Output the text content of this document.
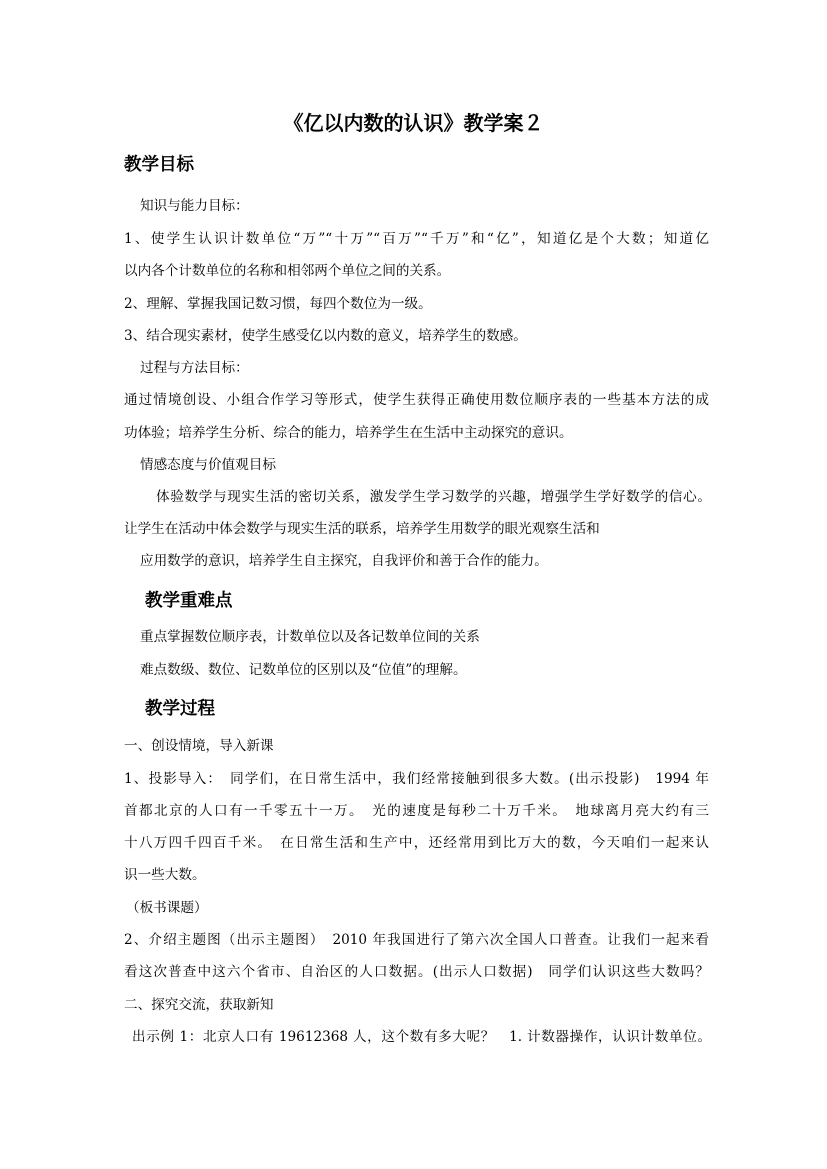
《亿以内数的认识》教学案２
教学目标
知识与能力目标：
1、使学生认识计数单位“万”“十万”“百万”“千万”和“亿”，知道亿是个大数；知道亿
以内各个计数单位的名称和相邻两个单位之间的关系。
2、理解、掌握我国记数习惯，每四个数位为一级。
3、结合现实素材，使学生感受亿以内数的意义，培养学生的数感。
过程与方法目标：
通过情境创设、小组合作学习等形式，使学生获得正确使用数位顺序表的一些基本方法的成
功体验；培养学生分析、综合的能力，培养学生在生活中主动探究的意识。
情感态度与价值观目标
体验数学与现实生活的密切关系，激发学生学习数学的兴趣，增强学生学好数学的信心。
让学生在活动中体会数学与现实生活的联系，培养学生用数学的眼光观察生活和
应用数学的意识，培养学生自主探究，自我评价和善于合作的能力。
教学重难点
重点掌握数位顺序表，计数单位以及各记数单位间的关系
难点数级、数位、记数单位的区别以及“位值”的理解。
教学过程
一、创设情境，导入新课
1、投影导入：　同学们，在日常生活中，我们经常接触到很多大数。(出示投影)　1994 年
首都北京的人口有一千零五十一万。　光的速度是每秒二十万千米。　地球离月亮大约有三
十八万四千四百千米。　在日常生活和生产中，还经常用到比万大的数，今天咱们一起来认
识一些大数。
（板书课题）
2、介绍主题图（出示主题图）　2010 年我国进行了第六次全国人口普查。让我们一起来看
看这次普查中这六个省市、自治区的人口数据。(出示人口数据)　同学们认识这些大数吗？
二、探究交流，获取新知
出示例 1：北京人口有 19612368 人，这个数有多大呢？　1. 计数器操作，认识计数单位。
